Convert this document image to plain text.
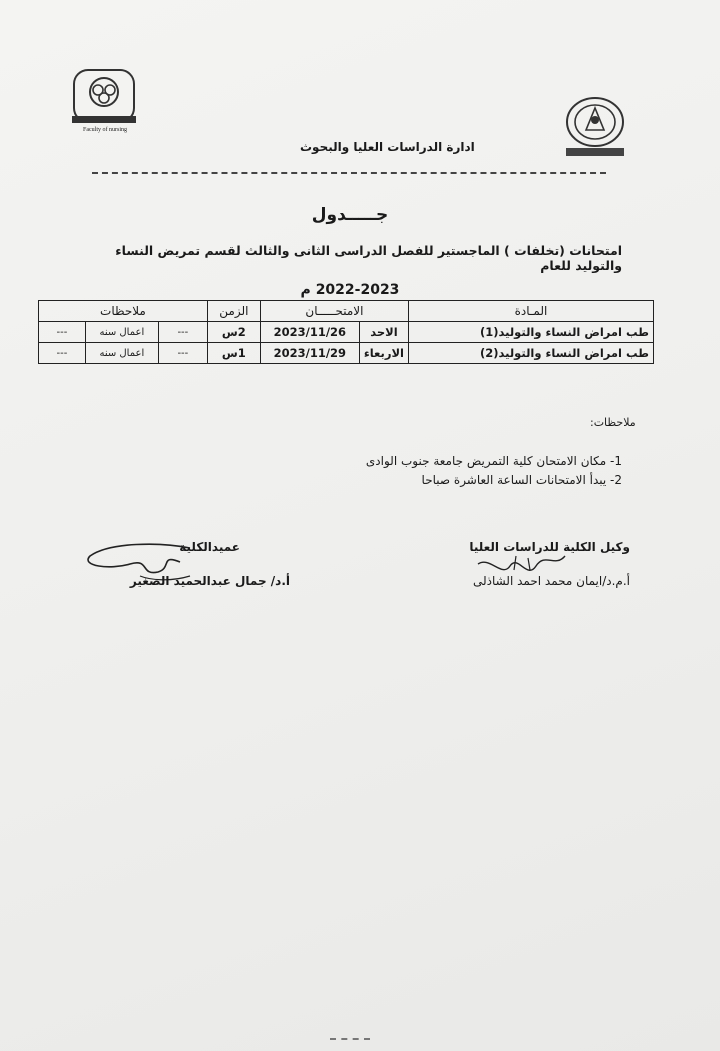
Faculty of nursing
ادارة الدراسات العليا والبحوث
جـــــدول
امتحانات (تخلفات ) الماجستير للفصل الدراسى الثانى والثالث لقسم تمريض النساء والتوليد للعام
2022-2023 م
المـادة	الامتحـــــان		الزمن	ملاحظات		
طب امراض النساء والتوليد(1)	الاحد	2023/11/26	2س	---	اعمال سنه	---
طب امراض النساء والتوليد(2)	الاربعاء	2023/11/29	1س	---	اعمال سنه	---
ملاحظات:
1- مكان الامتحان كلية التمريض جامعة جنوب الوادى
2- يبدأ الامتحانات الساعة العاشرة صباحا
وكيل الكلية للدراسات العليا
أ.م.د/ايمان محمد احمد الشاذلى
عميدالكلية
أ.د/ جمال عبدالحميد الصغير
